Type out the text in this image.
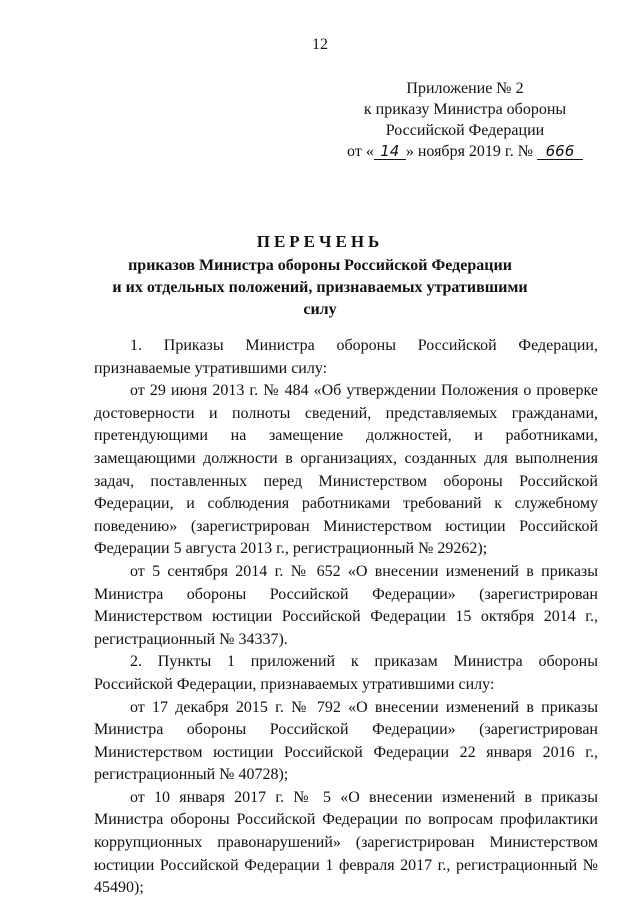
12
Приложение № 2
к приказу Министра обороны
Российской Федерации
от « 14 » ноября 2019 г. № 666
ПЕРЕЧЕНЬ
приказов Министра обороны Российской Федерации
и их отдельных положений, признаваемых утратившими силу

1. Приказы Министра обороны Российской Федерации, признаваемые утратившими силу:

от 29 июня 2013 г. № 484 «Об утверждении Положения о проверке достоверности и полноты сведений, представляемых гражданами, претендующими на замещение должностей, и работниками, замещающими должности в организациях, созданных для выполнения задач, поставленных перед Министерством обороны Российской Федерации, и соблюдения работниками требований к служебному поведению» (зарегистрирован Министерством юстиции Российской Федерации 5 августа 2013 г., регистрационный № 29262);

от 5 сентября 2014 г. № 652 «О внесении изменений в приказы Министра обороны Российской Федерации» (зарегистрирован Министерством юстиции Российской Федерации 15 октября 2014 г., регистрационный № 34337).

2. Пункты 1 приложений к приказам Министра обороны Российской Федерации, признаваемых утратившими силу:

от 17 декабря 2015 г. № 792 «О внесении изменений в приказы Министра обороны Российской Федерации» (зарегистрирован Министерством юстиции Российской Федерации 22 января 2016 г., регистрационный № 40728);

от 10 января 2017 г. № 5 «О внесении изменений в приказы Министра обороны Российской Федерации по вопросам профилактики коррупционных правонарушений» (зарегистрирован Министерством юстиции Российской Федерации 1 февраля 2017 г., регистрационный № 45490);
